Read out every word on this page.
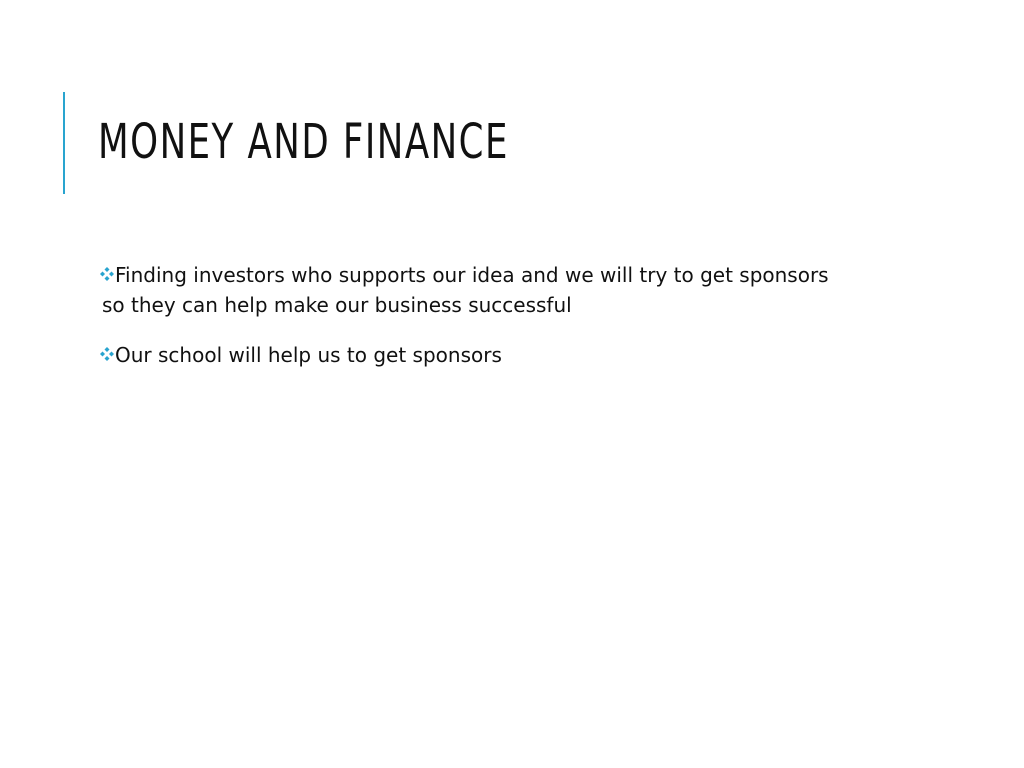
MONEY AND FINANCE
Finding investors who supports our idea and we will try to get sponsors so they can help make our business successful
Our school will help us to get sponsors
